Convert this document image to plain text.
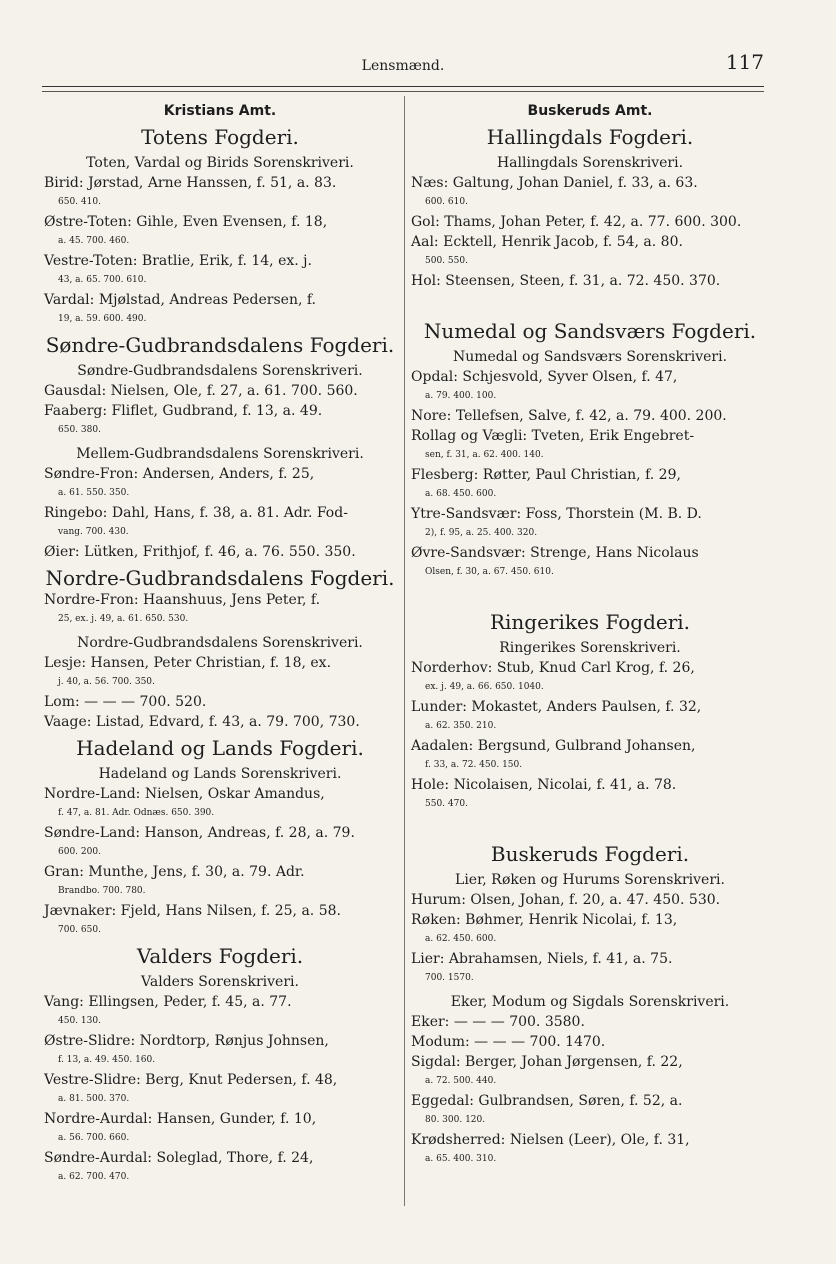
Lensmænd.	117
Kristians Amt.
Totens Fogderi.
Toten, Vardal og Birids Sorenskriveri.
Birid: Jørstad, Arne Hanssen, f. 51, a. 83.
650. 410.
Østre-Toten: Gihle, Even Evensen, f. 18,
a. 45. 700. 460.
Vestre-Toten: Bratlie, Erik, f. 14, ex. j.
43, a. 65. 700. 610.
Vardal: Mjølstad, Andreas Pedersen, f.
19, a. 59. 600. 490.
Søndre-Gudbrandsdalens Fogderi.
Søndre-Gudbrandsdalens Sorenskriveri.
Gausdal: Nielsen, Ole, f. 27, a. 61. 700. 560.
Faaberg: Fliflet, Gudbrand, f. 13, a. 49.
650. 380.
Mellem-Gudbrandsdalens Sorenskriveri.
Søndre-Fron: Andersen, Anders, f. 25,
a. 61. 550. 350.
Ringebo: Dahl, Hans, f. 38, a. 81. Adr. Fod-
vang. 700. 430.
Øier: Lütken, Frithjof, f. 46, a. 76. 550. 350.
Nordre-Gudbrandsdalens Fogderi.
Nordre-Fron: Haanshuus, Jens Peter, f.
25, ex. j. 49, a. 61. 650. 530.
Nordre-Gudbrandsdalens Sorenskriveri.
Lesje: Hansen, Peter Christian, f. 18, ex.
j. 40, a. 56. 700. 350.
Lom: — — — 700. 520.
Vaage: Listad, Edvard, f. 43, a. 79. 700, 730.
Hadeland og Lands Fogderi.
Hadeland og Lands Sorenskriveri.
Nordre-Land: Nielsen, Oskar Amandus,
f. 47, a. 81. Adr. Odnæs. 650. 390.
Søndre-Land: Hanson, Andreas, f. 28, a. 79.
600. 200.
Gran: Munthe, Jens, f. 30, a. 79. Adr.
Brandbo. 700. 780.
Jævnaker: Fjeld, Hans Nilsen, f. 25, a. 58.
700. 650.
Valders Fogderi.
Valders Sorenskriveri.
Vang: Ellingsen, Peder, f. 45, a. 77.
450. 130.
Østre-Slidre: Nordtorp, Rønjus Johnsen,
f. 13, a. 49. 450. 160.
Vestre-Slidre: Berg, Knut Pedersen, f. 48,
a. 81. 500. 370.
Nordre-Aurdal: Hansen, Gunder, f. 10,
a. 56. 700. 660.
Søndre-Aurdal: Soleglad, Thore, f. 24,
a. 62. 700. 470.
Buskeruds Amt.
Hallingdals Fogderi.
Hallingdals Sorenskriveri.
Næs: Galtung, Johan Daniel, f. 33, a. 63.
600. 610.
Gol: Thams, Johan Peter, f. 42, a. 77. 600. 300.
Aal: Ecktell, Henrik Jacob, f. 54, a. 80.
500. 550.
Hol: Steensen, Steen, f. 31, a. 72. 450. 370.
Numedal og Sandsværs Fogderi.
Numedal og Sandsværs Sorenskriveri.
Opdal: Schjesvold, Syver Olsen, f. 47,
a. 79. 400. 100.
Nore: Tellefsen, Salve, f. 42, a. 79. 400. 200.
Rollag og Vægli: Tveten, Erik Engebret-
sen, f. 31, a. 62. 400. 140.
Flesberg: Røtter, Paul Christian, f. 29,
a. 68. 450. 600.
Ytre-Sandsvær: Foss, Thorstein (M. B. D.
2), f. 95, a. 25. 400. 320.
Øvre-Sandsvær: Strenge, Hans Nicolaus
Olsen, f. 30, a. 67. 450. 610.
Ringerikes Fogderi.
Ringerikes Sorenskriveri.
Norderhov: Stub, Knud Carl Krog, f. 26,
ex. j. 49, a. 66. 650. 1040.
Lunder: Mokastet, Anders Paulsen, f. 32,
a. 62. 350. 210.
Aadalen: Bergsund, Gulbrand Johansen,
f. 33, a. 72. 450. 150.
Hole: Nicolaisen, Nicolai, f. 41, a. 78.
550. 470.
Buskeruds Fogderi.
Lier, Røken og Hurums Sorenskriveri.
Hurum: Olsen, Johan, f. 20, a. 47. 450. 530.
Røken: Bøhmer, Henrik Nicolai, f. 13,
a. 62. 450. 600.
Lier: Abrahamsen, Niels, f. 41, a. 75.
700. 1570.
Eker, Modum og Sigdals Sorenskriveri.
Eker: — — — 700. 3580.
Modum: — — — 700. 1470.
Sigdal: Berger, Johan Jørgensen, f. 22,
a. 72. 500. 440.
Eggedal: Gulbrandsen, Søren, f. 52, a.
80. 300. 120.
Krødsherred: Nielsen (Leer), Ole, f. 31,
a. 65. 400. 310.
